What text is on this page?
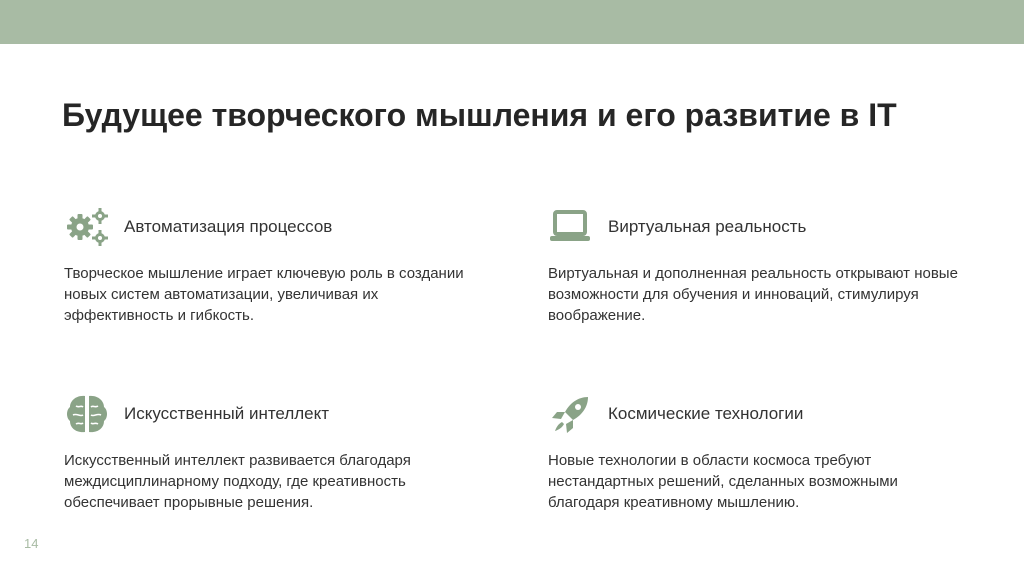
Будущее творческого мышления и его развитие в IT
Автоматизация процессов
Творческое мышление играет ключевую роль в создании новых систем автоматизации, увеличивая их эффективность и гибкость.
Виртуальная реальность
Виртуальная и дополненная реальность открывают новые возможности для обучения и инноваций, стимулируя воображение.
Искусственный интеллект
Искусственный интеллект развивается благодаря междисциплинарному подходу, где креативность обеспечивает прорывные решения.
Космические технологии
Новые технологии в области космоса требуют нестандартных решений, сделанных возможными благодаря креативному мышлению.
14
